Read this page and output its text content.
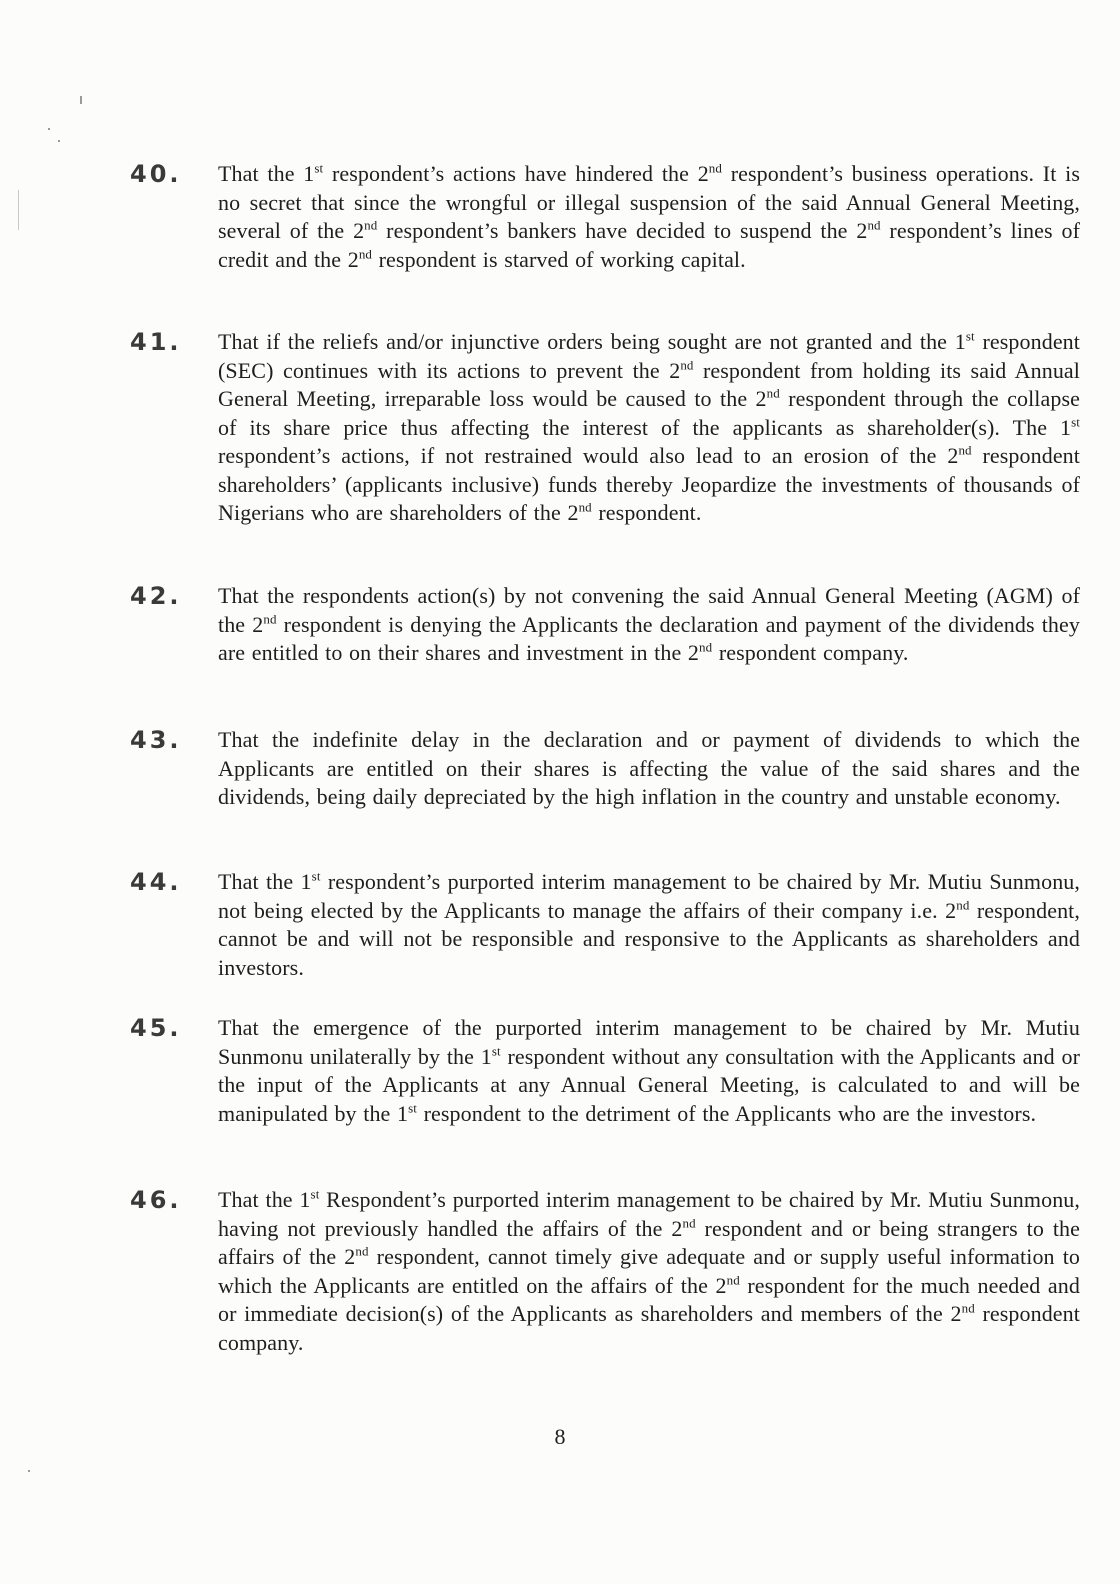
40.	That the 1st respondent’s actions have hindered the 2nd respondent’s business operations. It is no secret that since the wrongful or illegal suspension of the said Annual General Meeting, several of the 2nd respondent’s bankers have decided to suspend the 2nd respondent’s lines of credit and the 2nd respondent is starved of working capital.
41.	That if the reliefs and/or injunctive orders being sought are not granted and the 1st respondent (SEC) continues with its actions to prevent the 2nd respondent from holding its said Annual General Meeting, irreparable loss would be caused to the 2nd respondent through the collapse of its share price thus affecting the interest of the applicants as shareholder(s). The 1st respondent’s actions, if not restrained would also lead to an erosion of the 2nd respondent shareholders’ (applicants inclusive) funds thereby Jeopardize the investments of thousands of Nigerians who are shareholders of the 2nd respondent.
42.	That the respondents action(s) by not convening the said Annual General Meeting (AGM) of the 2nd respondent is denying the Applicants the declaration and payment of the dividends they are entitled to on their shares and investment in the 2nd respondent company.
43.	That the indefinite delay in the declaration and or payment of dividends to which the Applicants are entitled on their shares is affecting the value of the said shares and the dividends, being daily depreciated by the high inflation in the country and unstable economy.
44.	That the 1st respondent’s purported interim management to be chaired by Mr. Mutiu Sunmonu, not being elected by the Applicants to manage the affairs of their company i.e. 2nd respondent, cannot be and will not be responsible and responsive to the Applicants as shareholders and investors.
45.	That the emergence of the purported interim management to be chaired by Mr. Mutiu Sunmonu unilaterally by the 1st respondent without any consultation with the Applicants and or the input of the Applicants at any Annual General Meeting, is calculated to and will be manipulated by the 1st respondent to the detriment of the Applicants who are the investors.
46.	That the 1st Respondent’s purported interim management to be chaired by Mr. Mutiu Sunmonu, having not previously handled the affairs of the 2nd respondent and or being strangers to the affairs of the 2nd respondent, cannot timely give adequate and or supply useful information to which the Applicants are entitled on the affairs of the 2nd respondent for the much needed and or immediate decision(s) of the Applicants as shareholders and members of the 2nd respondent company.
8
